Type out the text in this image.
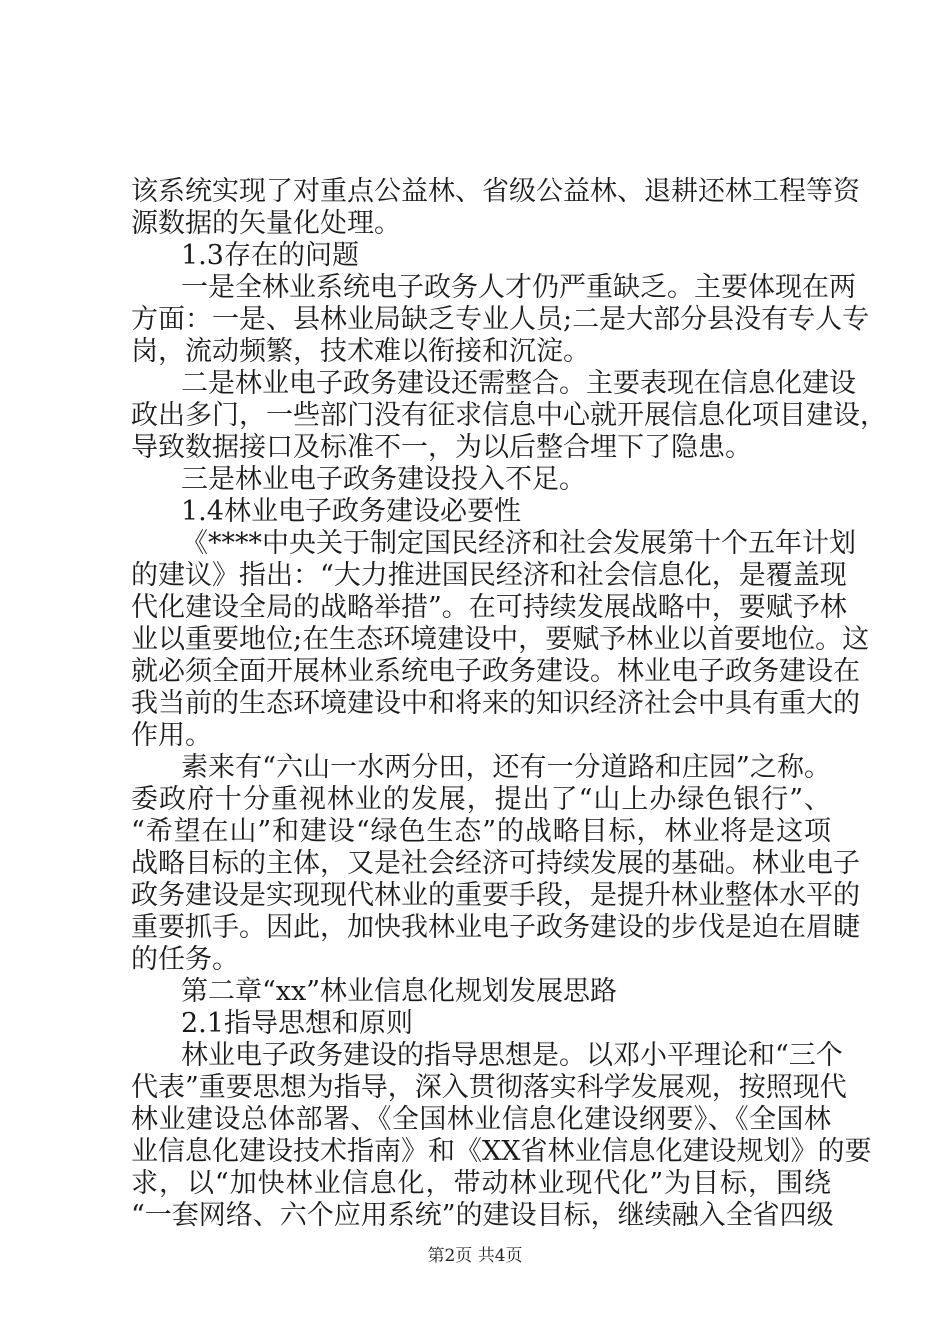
该系统实现了对重点公益林、省级公益林、退耕还林工程等资
源数据的矢量化处理。
1.3存在的问题
一是全林业系统电子政务人才仍严重缺乏。主要体现在两
方面：一是、县林业局缺乏专业人员;二是大部分县没有专人专
岗，流动频繁，技术难以衔接和沉淀。
二是林业电子政务建设还需整合。主要表现在信息化建设
政出多门，一些部门没有征求信息中心就开展信息化项目建设，
导致数据接口及标准不一，为以后整合埋下了隐患。
三是林业电子政务建设投入不足。
1.4林业电子政务建设必要性
《****中央关于制定国民经济和社会发展第十个五年计划
的建议》指出：“大力推进国民经济和社会信息化，是覆盖现
代化建设全局的战略举措”。在可持续发展战略中，要赋予林
业以重要地位;在生态环境建设中，要赋予林业以首要地位。这
就必须全面开展林业系统电子政务建设。林业电子政务建设在
我当前的生态环境建设中和将来的知识经济社会中具有重大的
作用。
素来有“六山一水两分田，还有一分道路和庄园”之称。
委政府十分重视林业的发展，提出了“山上办绿色银行”、
“希望在山”和建设“绿色生态”的战略目标，林业将是这项
战略目标的主体，又是社会经济可持续发展的基础。林业电子
政务建设是实现现代林业的重要手段，是提升林业整体水平的
重要抓手。因此，加快我林业电子政务建设的步伐是迫在眉睫
的任务。
第二章“xx”林业信息化规划发展思路
2.1指导思想和原则
林业电子政务建设的指导思想是。以邓小平理论和“三个
代表”重要思想为指导，深入贯彻落实科学发展观，按照现代
林业建设总体部署、《全国林业信息化建设纲要》、《全国林
业信息化建设技术指南》和《XX省林业信息化建设规划》的要
求，以“加快林业信息化，带动林业现代化”为目标，围绕
“一套网络、六个应用系统”的建设目标，继续融入全省四级
第2页 共4页
